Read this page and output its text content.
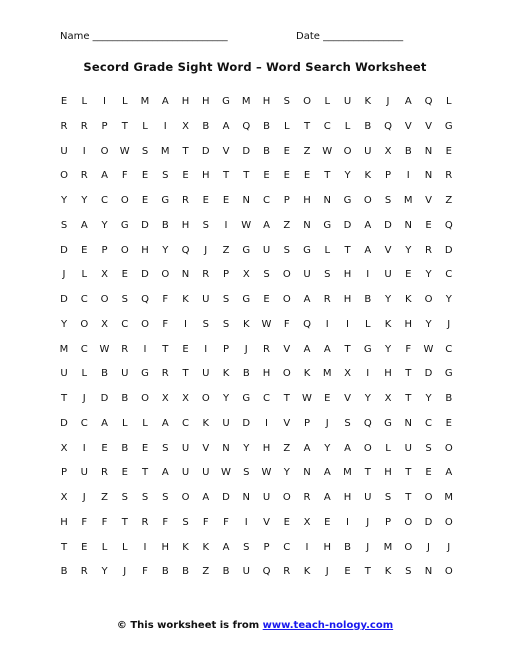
Name ___________________________	Date ________________
Secord Grade Sight Word – Word Search Worksheet
E	L	I	L	M	A	H	H	G	M	H	S	O	L	U	K	J	A	Q	L
R	R	P	T	L	I	X	B	A	Q	B	L	T	C	L	B	Q	V	V	G
U	I	O	W	S	M	T	D	V	D	B	E	Z	W	O	U	X	B	N	E
O	R	A	F	E	S	E	H	T	T	E	E	E	T	Y	K	P	I	N	R
Y	Y	C	O	E	G	R	E	E	N	C	P	H	N	G	O	S	M	V	Z
S	A	Y	G	D	B	H	S	I	W	A	Z	N	G	D	A	D	N	E	Q
D	E	P	O	H	Y	Q	J	Z	G	U	S	G	L	T	A	V	Y	R	D
J	L	X	E	D	O	N	R	P	X	S	O	U	S	H	I	U	E	Y	C
D	C	O	S	Q	F	K	U	S	G	E	O	A	R	H	B	Y	K	O	Y
Y	O	X	C	O	F	I	S	S	K	W	F	Q	I	I	L	K	H	Y	J
M	C	W	R	I	T	E	I	P	J	R	V	A	A	T	G	Y	F	W	C
U	L	B	U	G	R	T	U	K	B	H	O	K	M	X	I	H	T	D	G
T	J	D	B	O	X	X	O	Y	G	C	T	W	E	V	Y	X	T	Y	B
D	C	A	L	L	A	C	K	U	D	I	V	P	J	S	Q	G	N	C	E
X	I	E	B	E	S	U	V	N	Y	H	Z	A	Y	A	O	L	U	S	O
P	U	R	E	T	A	U	U	W	S	W	Y	N	A	M	T	H	T	E	A
X	J	Z	S	S	S	O	A	D	N	U	O	R	A	H	U	S	T	O	M
H	F	F	T	R	F	S	F	F	I	V	E	X	E	I	J	P	O	D	O
T	E	L	L	I	H	K	K	A	S	P	C	I	H	B	J	M	O	J	J
B	R	Y	J	F	B	B	Z	B	U	Q	R	K	J	E	T	K	S	N	O
© This worksheet is from www.teach-nology.com
